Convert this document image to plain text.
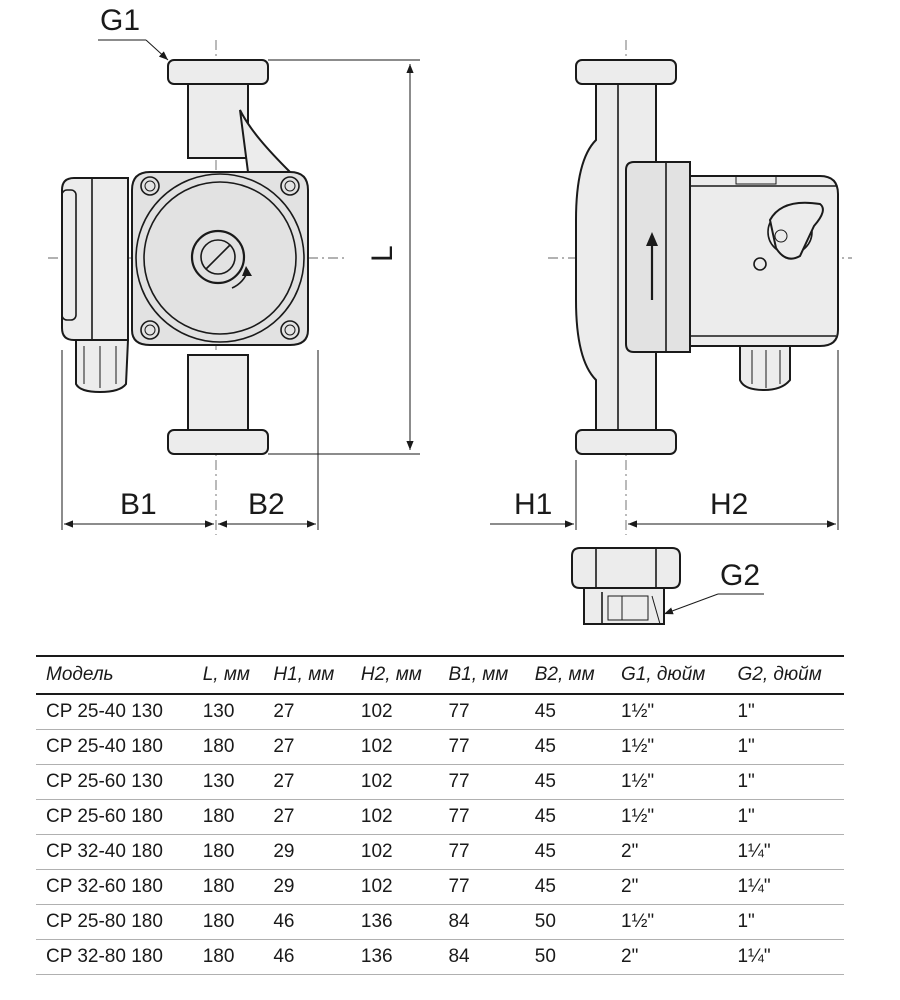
G1
L
B1	B2	H1	H2
G2
Модель	L, мм	H1, мм	H2, мм	B1, мм	B2, мм	G1, дюйм	G2, дюйм
CP 25-40 130	130	27	102	77	45	1½"	1"
CP 25-40 180	180	27	102	77	45	1½"	1"
CP 25-60 130	130	27	102	77	45	1½"	1"
CP 25-60 180	180	27	102	77	45	1½"	1"
CP 32-40 180	180	29	102	77	45	2"	1¼"
CP 32-60 180	180	29	102	77	45	2"	1¼"
CP 25-80 180	180	46	136	84	50	1½"	1"
CP 32-80 180	180	46	136	84	50	2"	1¼"
